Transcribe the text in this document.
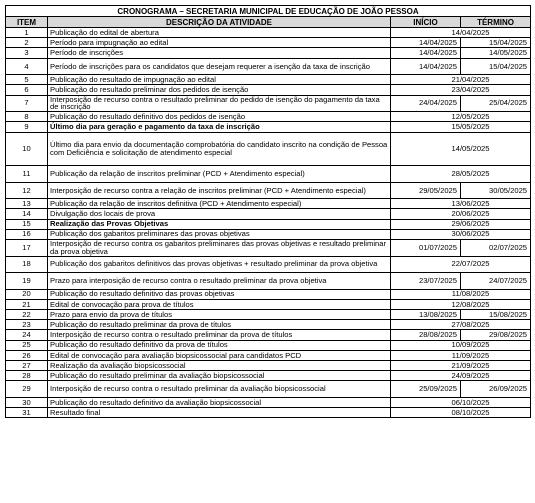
CRONOGRAMA – SECRETARIA MUNICIPAL DE EDUCAÇÃO DE JOÃO PESSOA			
ITEM	DESCRIÇÃO DA ATIVIDADE	INÍCIO	TÉRMINO
1	Publicação do edital de abertura	14/04/2025	

2	Período para impugnação ao edital	14/04/2025	15/04/2025
3	Período de inscrições	14/04/2025	14/05/2025
4	Período de inscrições para os candidatos que desejam requerer a isenção da taxa de inscrição	14/04/2025	15/04/2025
5	Publicação do resultado de impugnação ao edital	21/04/2025	

6	Publicação do resultado preliminar dos pedidos de isenção	23/04/2025	

7	Interposição de recurso contra o resultado preliminar do pedido de isenção do pagamento da taxa de inscrição	24/04/2025	25/04/2025
8	Publicação do resultado definitivo dos pedidos de isenção	12/05/2025	

9	Último dia para geração e pagamento da taxa de inscrição	15/05/2025	

10	Último dia para envio da documentação comprobatória do candidato inscrito na condição de Pessoa com Deficiência e solicitação de atendimento especial	14/05/2025	

11	Publicação da relação de inscritos preliminar (PCD + Atendimento especial)	28/05/2025	

12	Interposição de recurso contra a relação de inscritos preliminar (PCD + Atendimento especial)	29/05/2025	30/05/2025
13	Publicação da relação de inscritos definitiva (PCD + Atendimento especial)	13/06/2025	

14	Divulgação dos locais de prova	20/06/2025	

15	Realização das Provas Objetivas	29/06/2025	

16	Publicação dos gabaritos preliminares das provas objetivas	30/06/2025	

17	Interposição de recurso contra os gabaritos preliminares das provas objetivas e resultado preliminar da prova objetiva	01/07/2025	02/07/2025
18	Publicação dos gabaritos definitivos das provas objetivas + resultado preliminar da prova objetiva	22/07/2025	

19	Prazo para interposição de recurso contra o resultado preliminar da prova objetiva	23/07/2025	24/07/2025
20	Publicação do resultado definitivo das provas objetivas	11/08/2025	

21	Edital de convocação para prova de títulos	12/08/2025	

22	Prazo para envio da prova de títulos	13/08/2025	15/08/2025
23	Publicação do resultado preliminar da prova de títulos	27/08/2025	

24	Interposição de recurso contra o resultado preliminar da prova de títulos	28/08/2025	29/08/2025
25	Publicação do resultado definitivo da prova de títulos	10/09/2025	

26	Edital de convocação para avaliação biopsicossocial para candidatos PCD	11/09/2025	

27	Realização da avaliação biopsicossocial	21/09/2025	

28	Publicação do resultado preliminar da avaliação biopsicossocial	24/09/2025	

29	Interposição de recurso contra o resultado preliminar da avaliação biopsicossocial	25/09/2025	26/09/2025
30	Publicação do resultado definitivo da avaliação biopsicossocial	06/10/2025	

31	Resultado final	08/10/2025	
